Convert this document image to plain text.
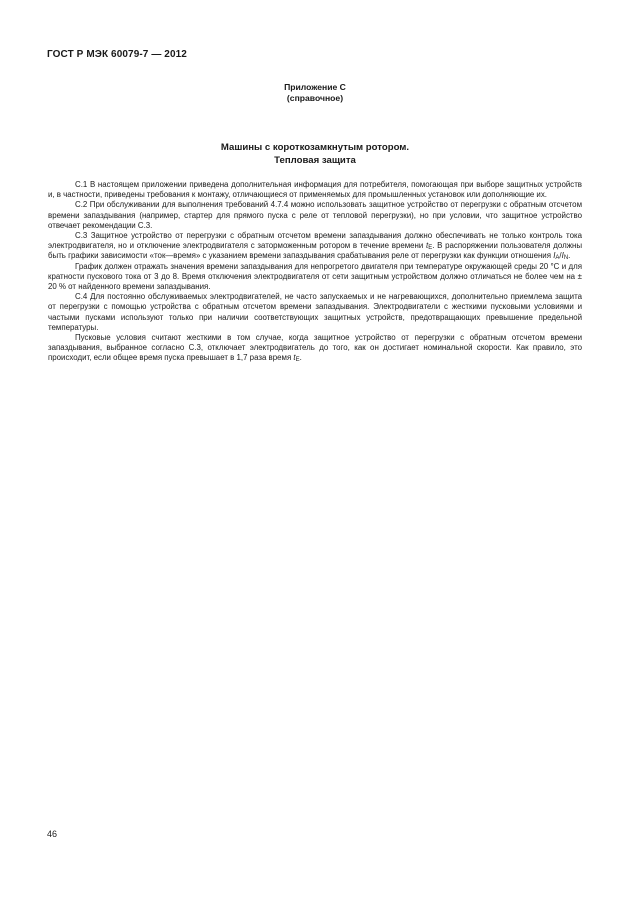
ГОСТ Р МЭК 60079-7 — 2012
Приложение С
(справочное)
Машины с короткозамкнутым ротором.
Тепловая защита

С.1 В настоящем приложении приведена дополнительная информация для потребителя, помогающая при выборе защитных устройств и, в частности, приведены требования к монтажу, отличающиеся от применяемых для промышленных установок или дополняющие их.

С.2 При обслуживании для выполнения требований 4.7.4 можно использовать защитное устройство от перегрузки с обратным отсчетом времени запаздывания (например, стартер для прямого пуска с реле от тепловой перегрузки), но при условии, что защитное устройство отвечает рекомендации С.3.

С.3 Защитное устройство от перегрузки с обратным отсчетом времени запаздывания должно обеспечивать не только контроль тока электродвигателя, но и отключение электродвигателя с заторможенным ротором в течение времени $t_E$. В распоряжении пользователя должны быть графики зависимости «ток—время» с указанием времени запаздывания срабатывания реле от перегрузки как функции отношения $I_A/I_N$.

График должен отражать значения времени запаздывания для непрогретого двигателя при температуре окружающей среды 20 °С и для кратности пускового тока от 3 до 8. Время отключения электродвигателя от сети защитным устройством должно отличаться не более чем на ± 20 % от найденного времени запаздывания.

С.4 Для постоянно обслуживаемых электродвигателей, не часто запускаемых и не нагревающихся, дополнительно приемлема защита от перегрузки с помощью устройства с обратным отсчетом времени запаздывания. Электродвигатели с жесткими пусковыми условиями и частыми пусками используют только при наличии соответствующих защитных устройств, предотвращающих превышение предельной температуры.

Пусковые условия считают жесткими в том случае, когда защитное устройство от перегрузки с обратным отсчетом времени запаздывания, выбранное согласно С.3, отключает электродвигатель до того, как он достигает номинальной скорости. Как правило, это происходит, если общее время пуска превышает в 1,7 раза время $t_E$.

46
